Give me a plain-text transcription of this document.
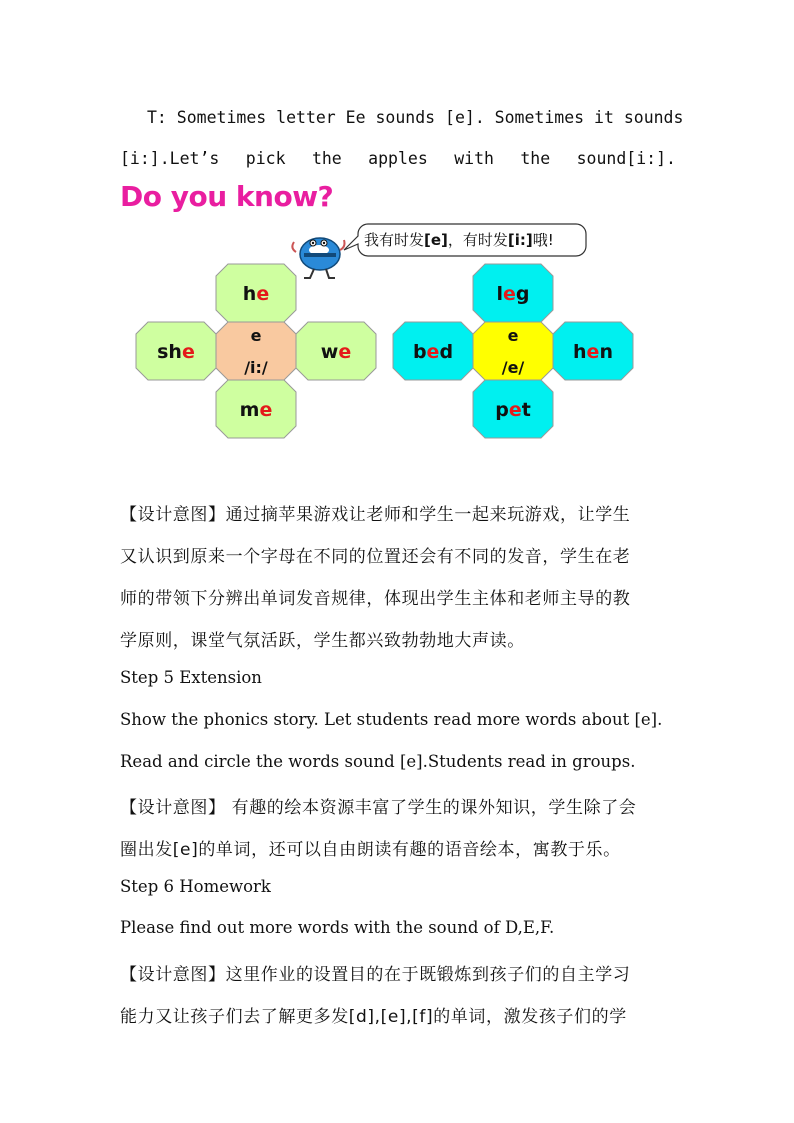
T: Sometimes letter Ee sounds [e]. Sometimes it sounds
[i:].Let’s pick the apples with the sound[i:].
Do you know?
我有时发[e]，有时发[i:]哦!
he
she	we
me
e
/i:/
leg
bed	hen
pet
e
/e/
【设计意图】通过摘苹果游戏让老师和学生一起来玩游戏，让学生
又认识到原来一个字母在不同的位置还会有不同的发音，学生在老
师的带领下分辨出单词发音规律，体现出学生主体和老师主导的教
学原则，课堂气氛活跃，学生都兴致勃勃地大声读。
Step 5 Extension
Show the phonics story. Let students read more words about [e].
Read and circle the words sound [e].Students read in groups.
【设计意图】 有趣的绘本资源丰富了学生的课外知识，学生除了会
圈出发[e]的单词，还可以自由朗读有趣的语音绘本，寓教于乐。
Step 6 Homework
Please find out more words with the sound of D,E,F.
【设计意图】这里作业的设置目的在于既锻炼到孩子们的自主学习
能力又让孩子们去了解更多发[d],[e],[f]的单词，激发孩子们的学
